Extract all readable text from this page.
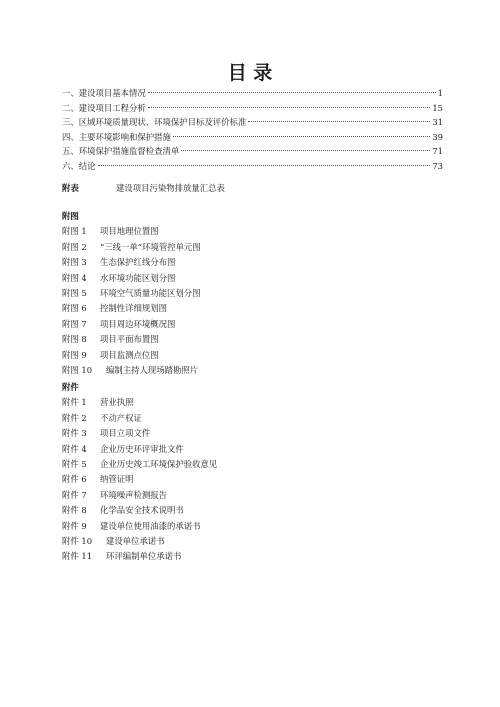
目 录
一、建设项目基本情况	1
二、建设项目工程分析	15
三、区域环境质量现状、环境保护目标及评价标准	31
四、主要环境影响和保护措施	39
五、环境保护措施监督检查清单	71
六、结论	73
附表	建设项目污染物排放量汇总表
附图
附图 1	项目地理位置图
附图 2	“三线一单”环境管控单元图
附图 3	生态保护红线分布图
附图 4	水环境功能区划分图
附图 5	环境空气质量功能区划分图
附图 6	控制性详细规划图
附图 7	项目周边环境概况图
附图 8	项目平面布置图
附图 9	项目监测点位图
附图 10	编制主持人现场踏勘照片
附件
附件 1	营业执照
附件 2	不动产权证
附件 3	项目立项文件
附件 4	企业历史环评审批文件
附件 5	企业历史竣工环境保护验收意见
附件 6	纳管证明
附件 7	环境噪声检测报告
附件 8	化学品安全技术说明书
附件 9	建设单位使用油漆的承诺书
附件 10	建设单位承诺书
附件 11	环评编制单位承诺书
